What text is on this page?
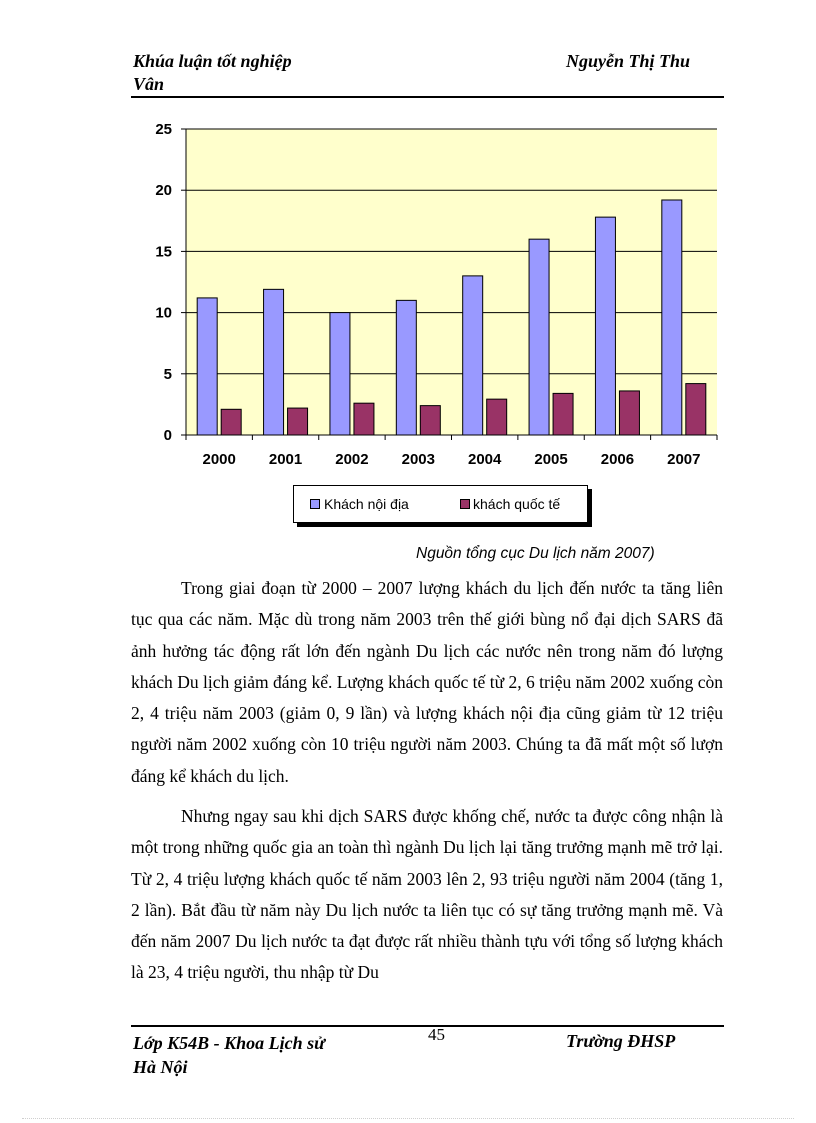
Khúa luận tốt nghiệp
Vân
Nguyễn Thị Thu
0
5
10
15
20
25
2000 2001 2002 2003 2004 2005 2006 2007
Khách nội địa	khách quốc tế
Nguồn tổng cục Du lịch năm 2007)

Trong giai đoạn từ 2000 – 2007 lượng khách du lịch đến nước ta tăng liên tục qua các năm. Mặc dù trong năm 2003 trên thế giới bùng nổ đại dịch SARS đã ảnh hưởng tác động rất lớn đến ngành Du lịch các nước nên trong năm đó lượng khách Du lịch giảm đáng kể. Lượng khách quốc tế từ 2, 6 triệu năm 2002 xuống còn 2, 4 triệu năm 2003 (giảm 0, 9 lần) và lượng khách nội địa cũng giảm từ 12 triệu người năm 2002 xuống còn 10 triệu người năm 2003. Chúng ta đã mất một số lượn đáng kể khách du lịch.

Nhưng ngay sau khi dịch SARS được khống chế, nước ta được công nhận là một trong những quốc gia an toàn thì ngành Du lịch lại tăng trưởng mạnh mẽ trở lại. Từ 2, 4 triệu lượng khách quốc tế năm 2003 lên 2, 93 triệu người năm 2004 (tăng 1, 2 lần). Bắt đầu từ năm này Du lịch nước ta liên tục có sự tăng trưởng mạnh mẽ. Và đến năm 2007 Du lịch nước ta đạt được rất nhiều thành tựu với tổng số lượng khách là 23, 4 triệu người, thu nhập từ Du

Lớp K54B - Khoa Lịch sử
Hà Nội
45	Trường ĐHSP
